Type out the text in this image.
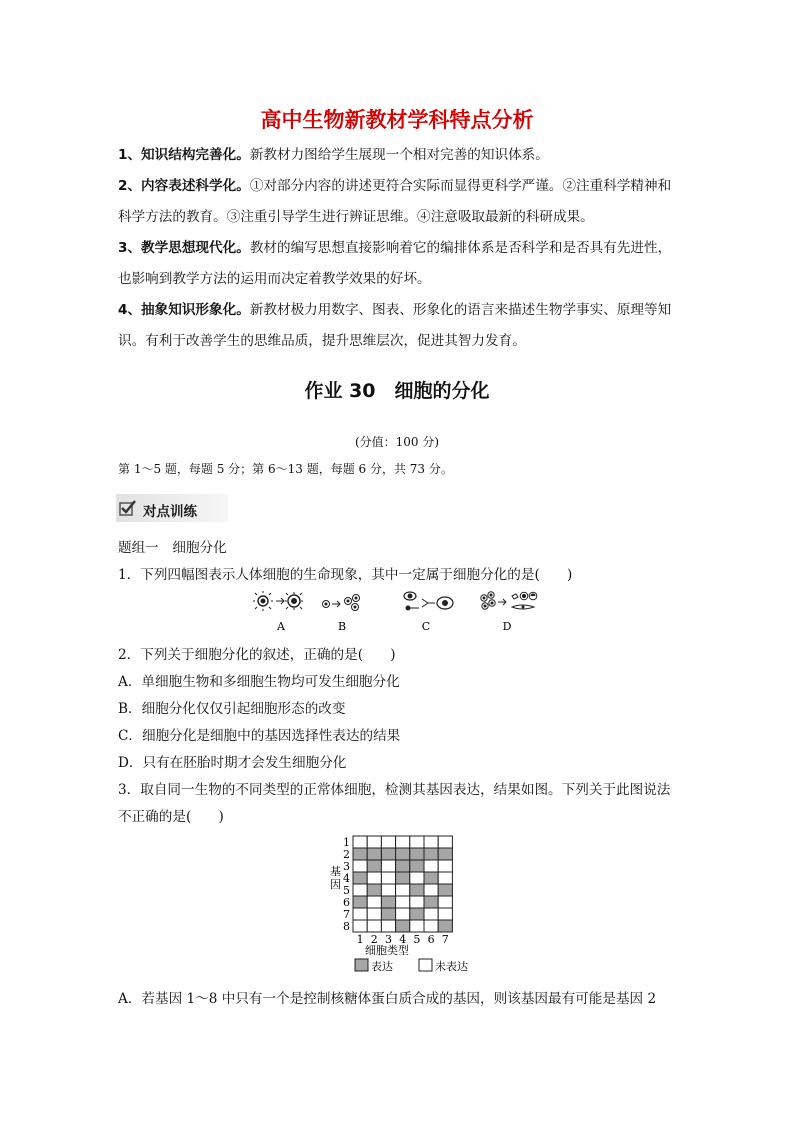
高中生物新教材学科特点分析
1、知识结构完善化。新教材力图给学生展现一个相对完善的知识体系。
2、内容表述科学化。①对部分内容的讲述更符合实际而显得更科学严谨。②注重科学精神和科学方法的教育。③注重引导学生进行辨证思维。④注意吸取最新的科研成果。
3、教学思想现代化。教材的编写思想直接影响着它的编排体系是否科学和是否具有先进性，也影响到教学方法的运用而决定着教学效果的好坏。
4、抽象知识形象化。新教材极力用数字、图表、形象化的语言来描述生物学事实、原理等知识。有利于改善学生的思维品质，提升思维层次，促进其智力发育。
作业 30　细胞的分化
(分值：100 分)
第 1～5 题，每题 5 分；第 6～13 题，每题 6 分，共 73 分。
对点训练
题组一　细胞分化
1．下列四幅图表示人体细胞的生命现象，其中一定属于细胞分化的是(　　)
A	B	C	D
2．下列关于细胞分化的叙述，正确的是(　　)
A．单细胞生物和多细胞生物均可发生细胞分化
B．细胞分化仅仅引起细胞形态的改变
C．细胞分化是细胞中的基因选择性表达的结果
D．只有在胚胎时期才会发生细胞分化
3．取自同一生物的不同类型的正常体细胞，检测其基因表达，结果如图。下列关于此图说法
不正确的是(　　)
1
2
3
4
5
6
7
8
1 2 3 4 5 6 7
基
因
细胞类型
表达	未表达
A．若基因 1～8 中只有一个是控制核糖体蛋白质合成的基因，则该基因最有可能是基因 2
